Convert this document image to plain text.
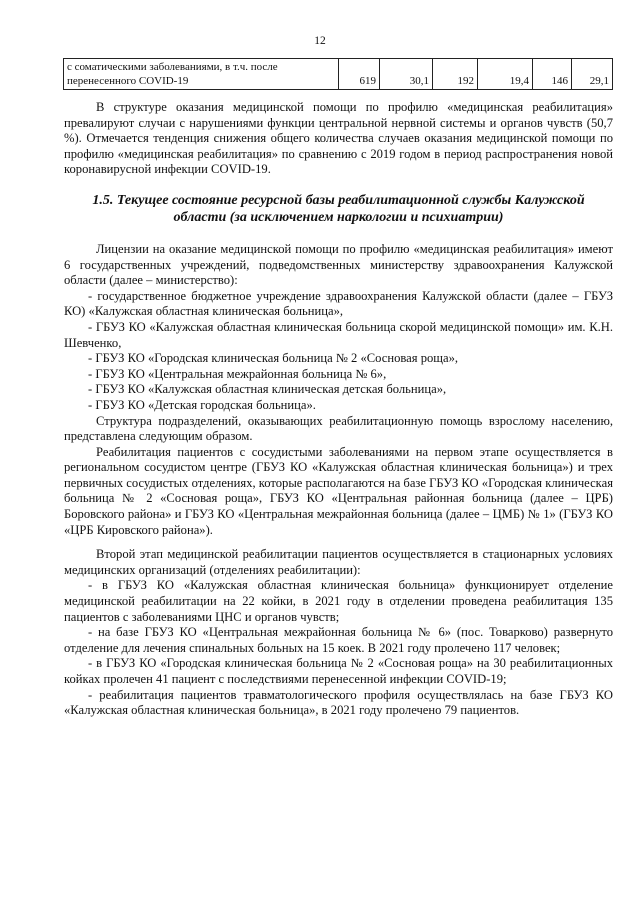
12
с соматическими заболеваниями, в т.ч. после перенесенного COVID-19	619	30,1	192	19,4	146	29,1

В структуре оказания медицинской помощи по профилю «медицинская реабилитация» превалируют случаи с нарушениями функции центральной нервной системы и органов чувств (50,7 %). Отмечается тенденция снижения общего количества случаев оказания медицинской помощи по профилю «медицинская реабилитация» по сравнению с 2019 годом в период распространения новой коронавирусной инфекции COVID-19.

1.5. Текущее состояние ресурсной базы реабилитационной службы Калужской области (за исключением наркологии и психиатрии)

Лицензии на оказание медицинской помощи по профилю «медицинская реабилитация» имеют 6 государственных учреждений, подведомственных министерству здравоохранения Калужской области (далее – министерство):

- государственное бюджетное учреждение здравоохранения Калужской области (далее – ГБУЗ КО) «Калужская областная клиническая больница»,

- ГБУЗ КО «Калужская областная клиническая больница скорой медицинской помощи» им. К.Н. Шевченко,

- ГБУЗ КО «Городская клиническая больница № 2 «Сосновая роща»,

- ГБУЗ КО «Центральная межрайонная больница № 6»,

- ГБУЗ КО «Калужская областная клиническая детская больница»,

- ГБУЗ КО «Детская городская больница».

Структура подразделений, оказывающих реабилитационную помощь взрослому населению, представлена следующим образом.

Реабилитация пациентов с сосудистыми заболеваниями на первом этапе осуществляется в региональном сосудистом центре (ГБУЗ КО «Калужская областная клиническая больница») и трех первичных сосудистых отделениях, которые располагаются на базе ГБУЗ КО «Городская клиническая больница № 2 «Сосновая роща», ГБУЗ КО «Центральная районная больница (далее – ЦРБ) Боровского района» и ГБУЗ КО «Центральная межрайонная больница (далее – ЦМБ) № 1» (ГБУЗ КО «ЦРБ Кировского района»).

Второй этап медицинской реабилитации пациентов осуществляется в стационарных условиях медицинских организаций (отделениях реабилитации):

- в ГБУЗ КО «Калужская областная клиническая больница» функционирует отделение медицинской реабилитации на 22 койки, в 2021 году в отделении проведена реабилитация 135 пациентов с заболеваниями ЦНС и органов чувств;

- на базе ГБУЗ КО «Центральная межрайонная больница № 6» (пос. Товарково) развернуто отделение для лечения спинальных больных на 15 коек. В 2021 году пролечено 117 человек;

- в ГБУЗ КО «Городская клиническая больница № 2 «Сосновая роща» на 30 реабилитационных койках пролечен 41 пациент с последствиями перенесенной инфекции COVID-19;

- реабилитация пациентов травматологического профиля осуществлялась на базе ГБУЗ КО «Калужская областная клиническая больница», в 2021 году пролечено 79 пациентов.
